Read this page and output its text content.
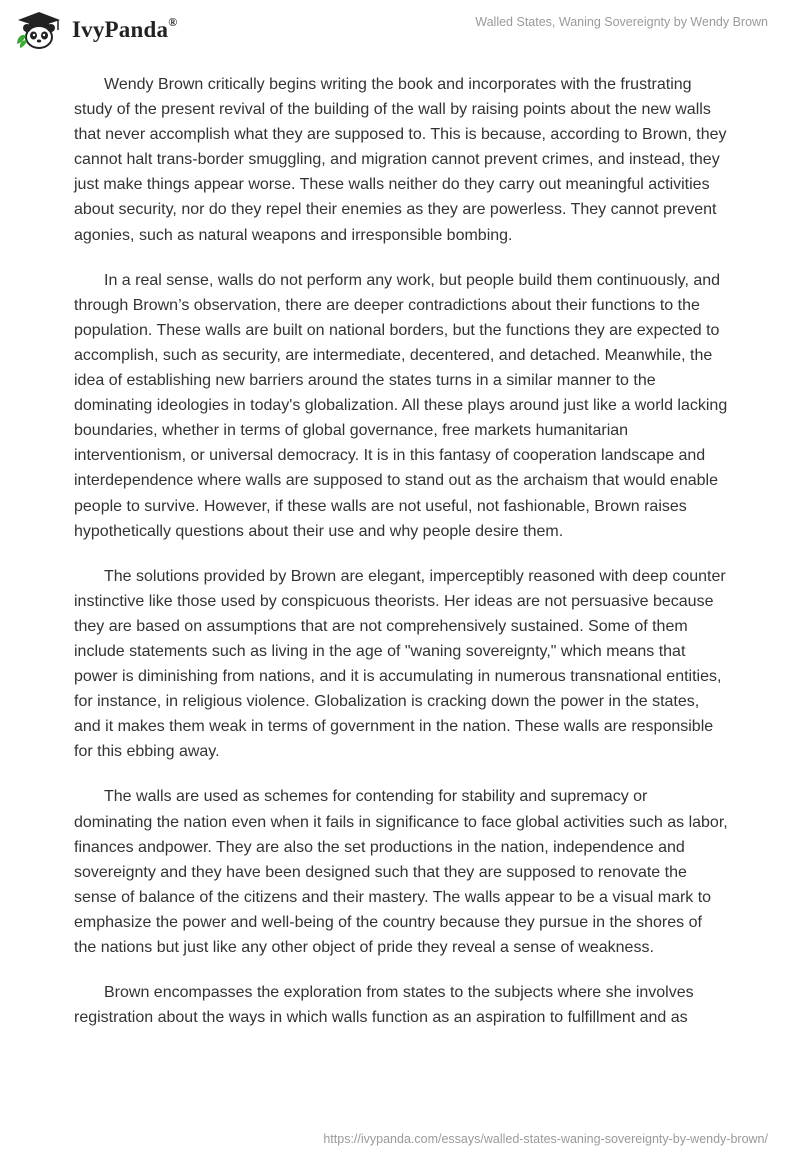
IvyPanda®	Walled States, Waning Sovereignty by Wendy Brown

Wendy Brown critically begins writing the book and incorporates with the frustrating study of the present revival of the building of the wall by raising points about the new walls that never accomplish what they are supposed to. This is because, according to Brown, they cannot halt trans-border smuggling, and migration cannot prevent crimes, and instead, they just make things appear worse. These walls neither do they carry out meaningful activities about security, nor do they repel their enemies as they are powerless. They cannot prevent agonies, such as natural weapons and irresponsible bombing.

In a real sense, walls do not perform any work, but people build them continuously, and through Brown’s observation, there are deeper contradictions about their functions to the population. These walls are built on national borders, but the functions they are expected to accomplish, such as security, are intermediate, decentered, and detached. Meanwhile, the idea of establishing new barriers around the states turns in a similar manner to the dominating ideologies in today's globalization. All these plays around just like a world lacking boundaries, whether in terms of global governance, free markets humanitarian interventionism, or universal democracy. It is in this fantasy of cooperation landscape and interdependence where walls are supposed to stand out as the archaism that would enable people to survive. However, if these walls are not useful, not fashionable, Brown raises hypothetically questions about their use and why people desire them.

The solutions provided by Brown are elegant, imperceptibly reasoned with deep counter instinctive like those used by conspicuous theorists. Her ideas are not persuasive because they are based on assumptions that are not comprehensively sustained. Some of them include statements such as living in the age of "waning sovereignty," which means that power is diminishing from nations, and it is accumulating in numerous transnational entities, for instance, in religious violence. Globalization is cracking down the power in the states, and it makes them weak in terms of government in the nation. These walls are responsible for this ebbing away.

The walls are used as schemes for contending for stability and supremacy or dominating the nation even when it fails in significance to face global activities such as labor, finances andpower. They are also the set productions in the nation, independence and sovereignty and they have been designed such that they are supposed to renovate the sense of balance of the citizens and their mastery. The walls appear to be a visual mark to emphasize the power and well-being of the country because they pursue in the shores of the nations but just like any other object of pride they reveal a sense of weakness.

Brown encompasses the exploration from states to the subjects where she involves registration about the ways in which walls function as an aspiration to fulfillment and as

https://ivypanda.com/essays/walled-states-waning-sovereignty-by-wendy-brown/
